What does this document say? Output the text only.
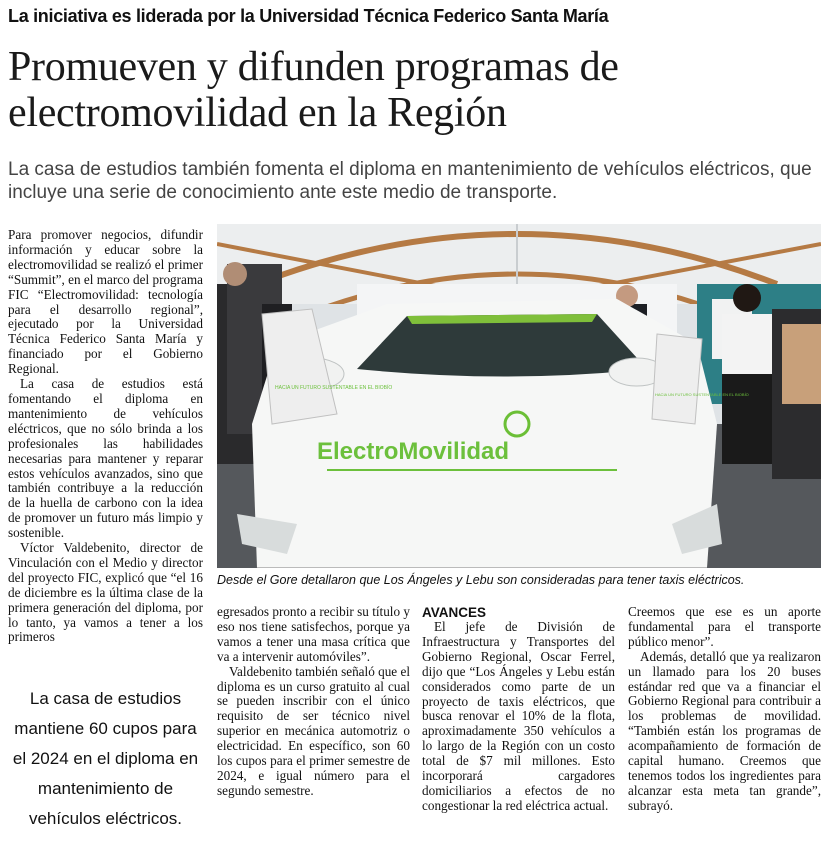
La iniciativa es liderada por la Universidad Técnica Federico Santa María
Promueven y difunden programas de electromovilidad en la Región
La casa de estudios también fomenta el diploma en mantenimiento de vehículos eléctricos, que incluye una serie de conocimiento ante este medio de transporte.

Para promover negocios, difundir información y educar sobre la electromovilidad se realizó el primer “Summit”, en el marco del programa FIC “Electromovilidad: tecnología para el desarrollo regional”, ejecutado por la Universidad Técnica Federico Santa María y financiado por el Gobierno Regional.

La casa de estudios está fomentando el diploma en mantenimiento de vehículos eléctricos, que no sólo brinda a los profesionales las habilidades necesarias para mantener y reparar estos vehículos avanzados, sino que también contribuye a la reducción de la huella de carbono con la idea de promover un futuro más limpio y sostenible.

Víctor Valdebenito, director de Vinculación con el Medio y director del proyecto FIC, explicó que “el 16 de diciembre es la última clase de la primera generación del diploma, por lo tanto, ya vamos a tener a los primeros

La casa de estudios mantiene 60 cupos para el 2024 en el diploma en mantenimiento de vehículos eléctricos.
ElectroMovilidad
HACIA UN FUTURO SUSTENTABLE EN EL BIOBÍO
HACIA UN FUTURO SUSTENTABLE EN EL BIOBÍO
Desde el Gore detallaron que Los Ángeles y Lebu son consideradas para tener taxis eléctricos.

egresados pronto a recibir su título y eso nos tiene satisfechos, porque ya vamos a tener una masa crítica que va a intervenir automóviles”.

Valdebenito también señaló que el diploma es un curso gratuito al cual se pueden inscribir con el único requisito de ser técnico nivel superior en mecánica automotriz o electricidad. En específico, son 60 los cupos para el primer semestre de 2024, e igual número para el segundo semestre.

AVANCES

El jefe de División de Infraestructura y Transportes del Gobierno Regional, Oscar Ferrel, dijo que “Los Ángeles y Lebu están considerados como parte de un proyecto de taxis eléctricos, que busca renovar el 10% de la flota, aproximadamente 350 vehículos a lo largo de la Región con un costo total de $7 mil millones. Esto incorporará cargadores domiciliarios a efectos de no congestionar la red eléctrica actual.

Creemos que ese es un aporte fundamental para el transporte público menor”.

Además, detalló que ya realizaron un llamado para los 20 buses estándar red que va a financiar el Gobierno Regional para contribuir a los problemas de movilidad. “También están los programas de acompañamiento de formación de capital humano. Creemos que tenemos todos los ingredientes para alcanzar esta meta tan grande”, subrayó.
